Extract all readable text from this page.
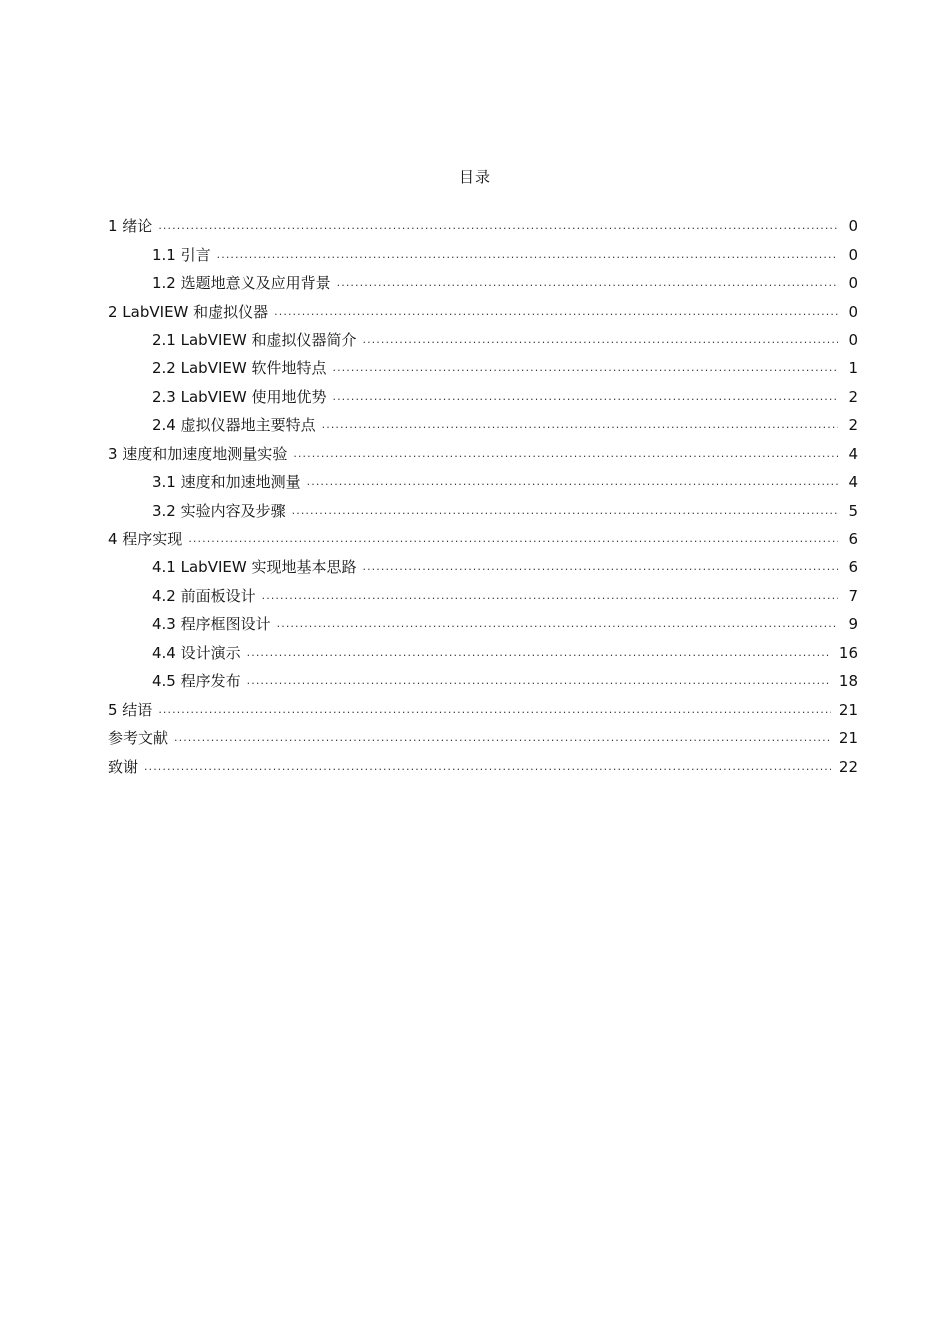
目录
1 绪论 .....	0
1.1 引言 .....	0
1.2 选题地意义及应用背景 .....	0
2 LabVIEW 和虚拟仪器 .....	0
2.1 LabVIEW 和虚拟仪器简介 .....	0
2.2 LabVIEW 软件地特点 .....	1
2.3 LabVIEW 使用地优势 .....	2
2.4 虚拟仪器地主要特点 .....	2
3 速度和加速度地测量实验 .....	4
3.1 速度和加速地测量 .....	4
3.2 实验内容及步骤 .....	5
4 程序实现 .....	6
4.1 LabVIEW 实现地基本思路 .....	6
4.2 前面板设计 .....	7
4.3 程序框图设计 .....	9
4.4 设计演示 .....	16
4.5 程序发布 .....	18
5 结语 .....	21
参考文献 .....	21
致谢 .....	22
